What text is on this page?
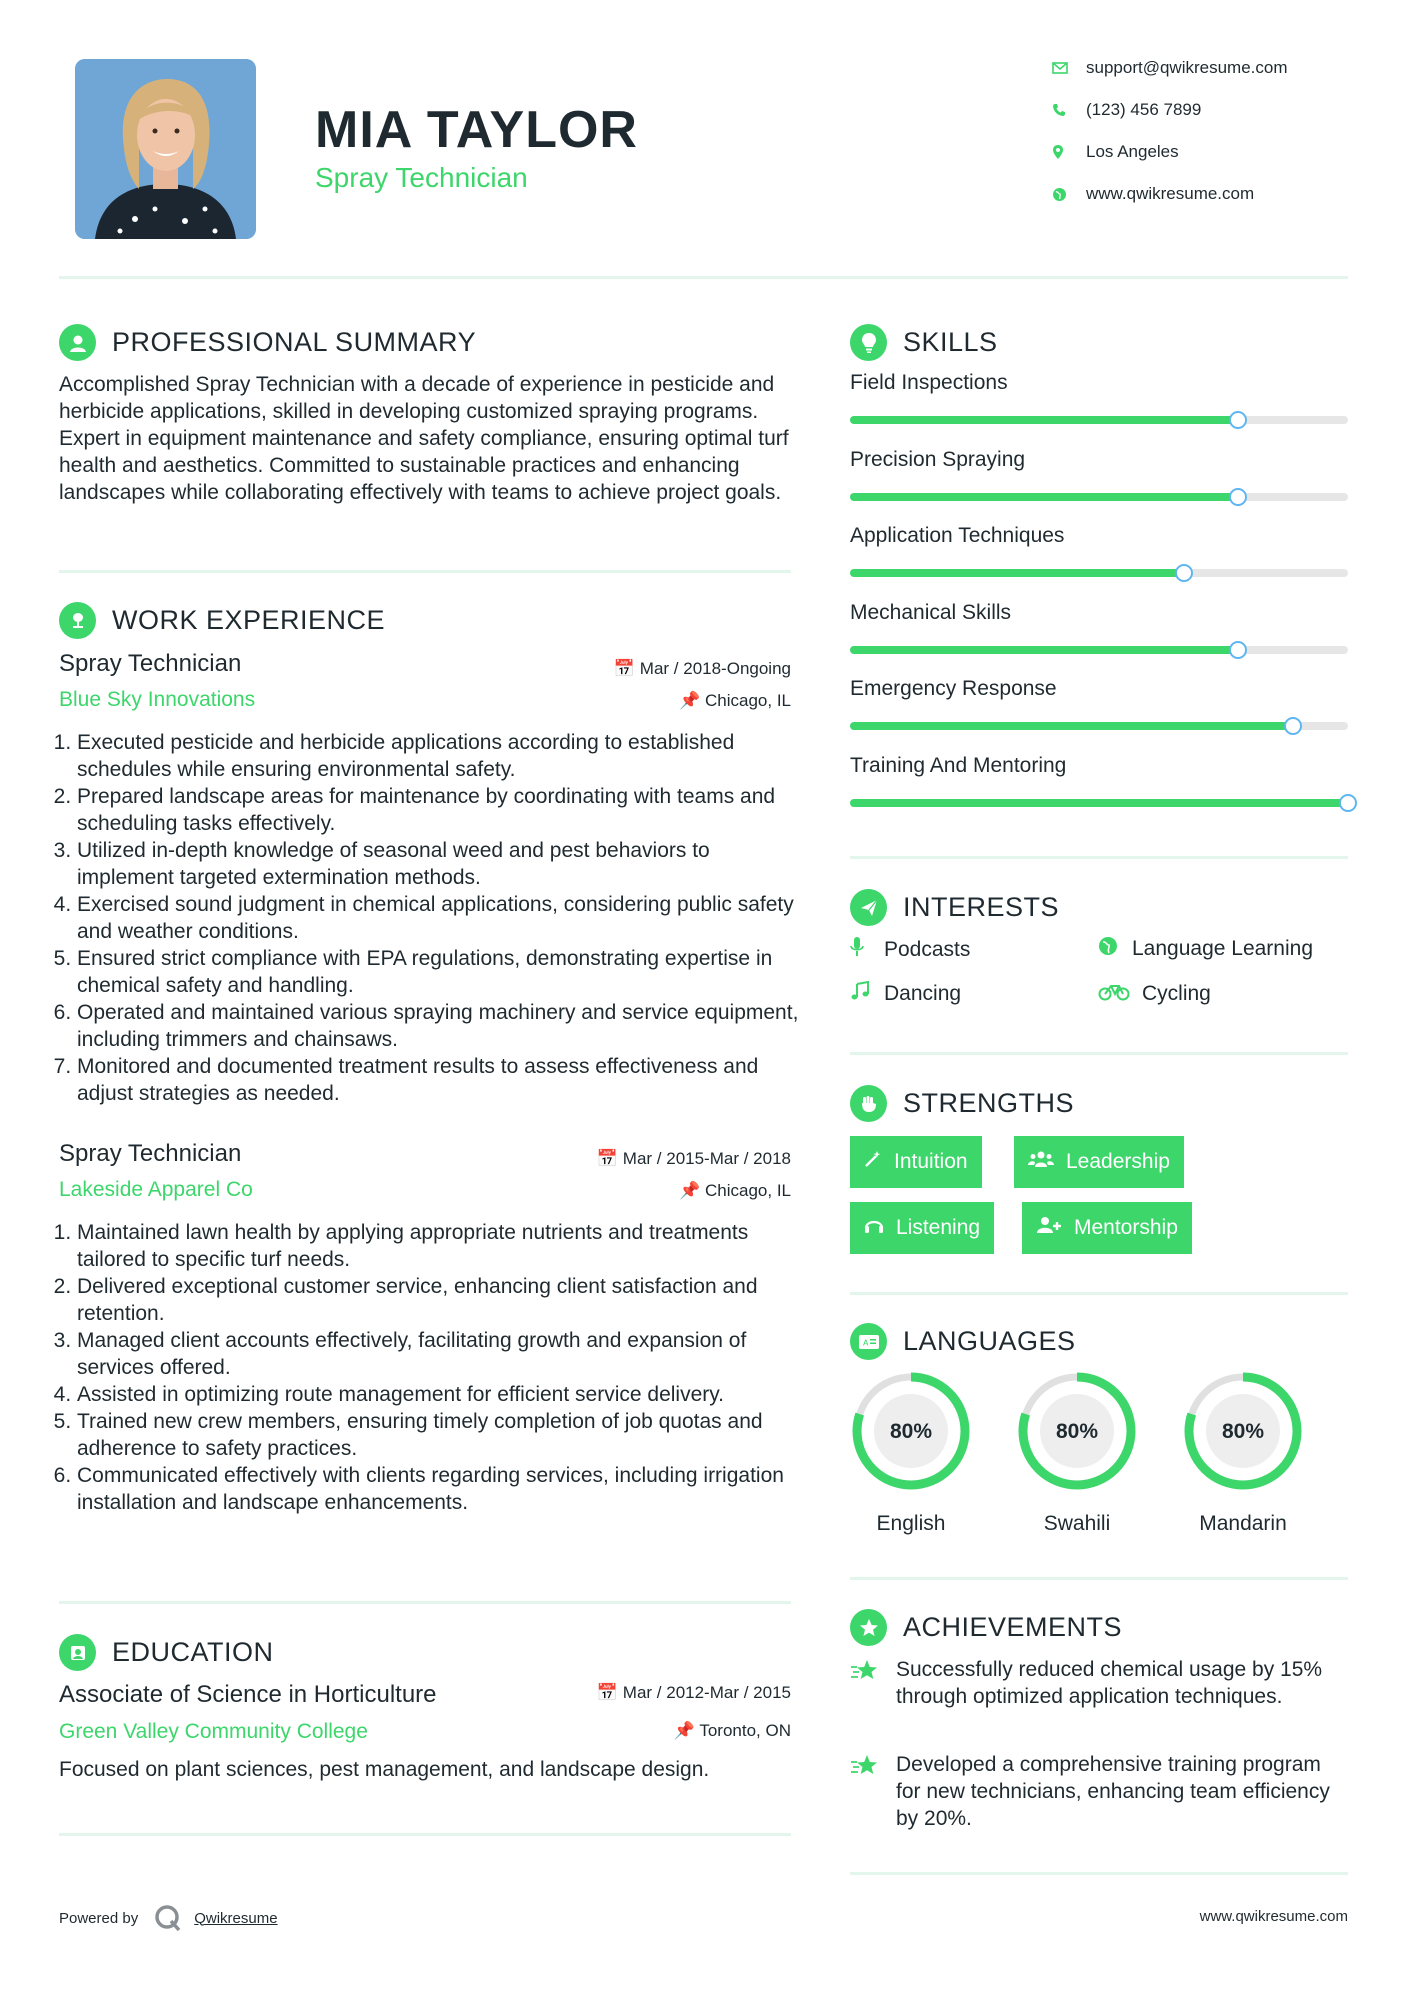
MIA TAYLOR
Spray Technician
support@qwikresume.com
(123) 456 7899
Los Angeles
www.qwikresume.com
PROFESSIONAL SUMMARY
Accomplished Spray Technician with a decade of experience in pesticide and herbicide applications, skilled in developing customized spraying programs. Expert in equipment maintenance and safety compliance, ensuring optimal turf health and aesthetics. Committed to sustainable practices and enhancing landscapes while collaborating effectively with teams to achieve project goals.
WORK EXPERIENCE
Spray Technician	📅 Mar / 2018-Ongoing
Blue Sky Innovations	📌 Chicago, IL
1. Executed pesticide and herbicide applications according to established schedules while ensuring environmental safety.
2. Prepared landscape areas for maintenance by coordinating with teams and scheduling tasks effectively.
3. Utilized in-depth knowledge of seasonal weed and pest behaviors to implement targeted extermination methods.
4. Exercised sound judgment in chemical applications, considering public safety and weather conditions.
5. Ensured strict compliance with EPA regulations, demonstrating expertise in chemical safety and handling.
6. Operated and maintained various spraying machinery and service equipment, including trimmers and chainsaws.
7. Monitored and documented treatment results to assess effectiveness and adjust strategies as needed.
Spray Technician	📅 Mar / 2015-Mar / 2018
Lakeside Apparel Co	📌 Chicago, IL
1. Maintained lawn health by applying appropriate nutrients and treatments tailored to specific turf needs.
2. Delivered exceptional customer service, enhancing client satisfaction and retention.
3. Managed client accounts effectively, facilitating growth and expansion of services offered.
4. Assisted in optimizing route management for efficient service delivery.
5. Trained new crew members, ensuring timely completion of job quotas and adherence to safety practices.
6. Communicated effectively with clients regarding services, including irrigation installation and landscape enhancements.
EDUCATION
Associate of Science in Horticulture	📅 Mar / 2012-Mar / 2015
Green Valley Community College	📌 Toronto, ON
Focused on plant sciences, pest management, and landscape design.
SKILLS
Field Inspections
Precision Spraying
Application Techniques
Mechanical Skills
Emergency Response
Training And Mentoring
INTERESTS
Podcasts	Language Learning
Dancing	Cycling
STRENGTHS
Intuition	Leadership
Listening	Mentorship
A LANGUAGES
80%
English
80%
Swahili
80%
Mandarin
ACHIEVEMENTS
Successfully reduced chemical usage by 15% through optimized application techniques.
Developed a comprehensive training program for new technicians, enhancing team efficiency by 20%.
Powered by	Qwikresume	www.qwikresume.com
